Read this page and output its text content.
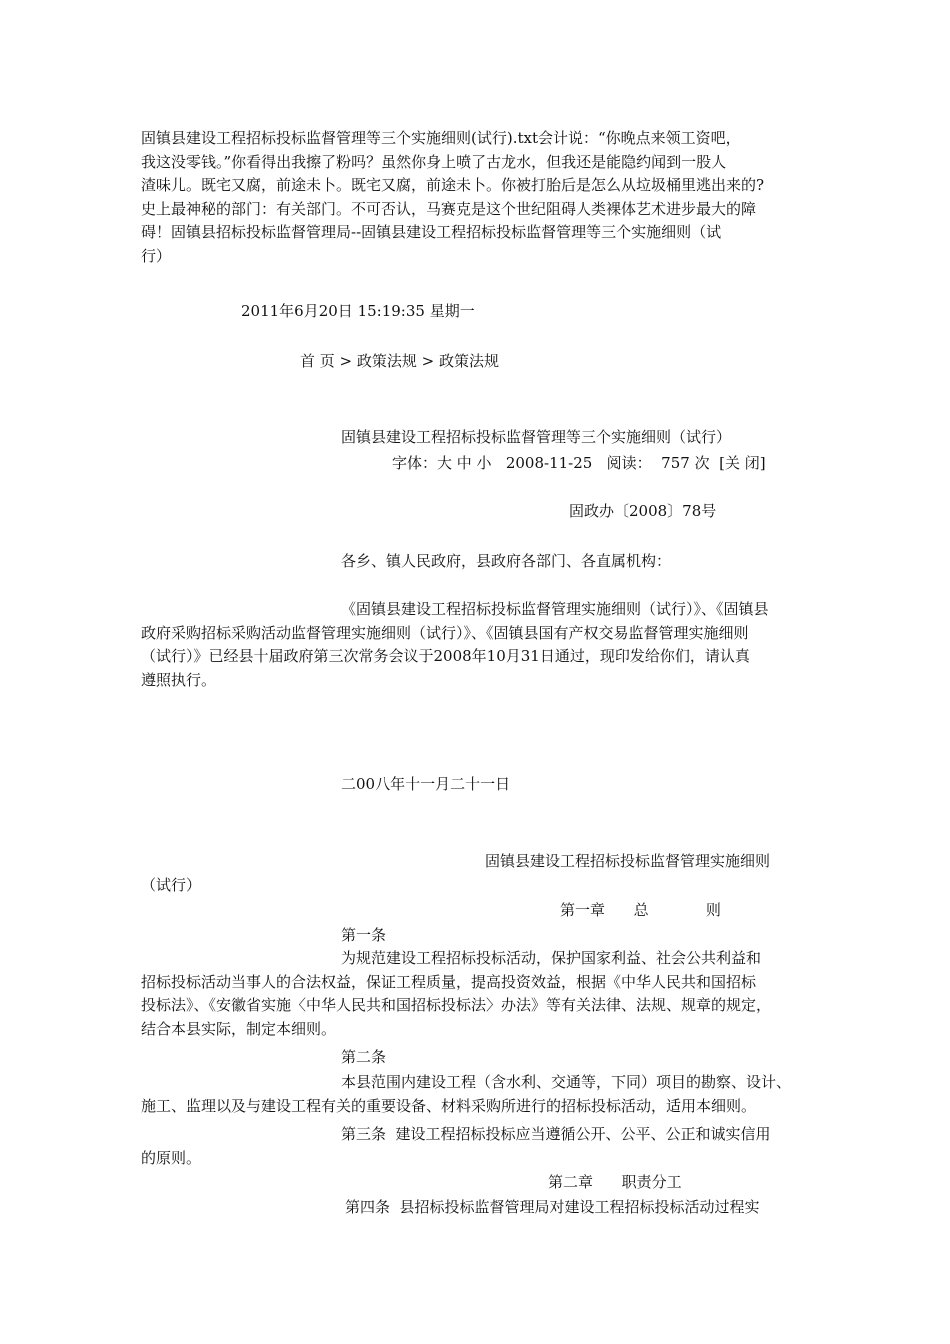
固镇县建设工程招标投标监督管理等三个实施细则(试行).txt会计说：“你晚点来领工资吧，
我这没零钱。”你看得出我擦了粉吗？虽然你身上喷了古龙水，但我还是能隐约闻到一股人
渣味儿。既宅又腐，前途未卜。既宅又腐，前途未卜。你被打胎后是怎么从垃圾桶里逃出来的?
史上最神秘的部门：有关部门。不可否认，马赛克是这个世纪阻碍人类裸体艺术进步最大的障
碍！固镇县招标投标监督管理局--固镇县建设工程招标投标监督管理等三个实施细则（试
行）
2011年6月20日 15:19:35 星期一
首 页 > 政策法规 > 政策法规
固镇县建设工程招标投标监督管理等三个实施细则（试行）
字体：大 中 小   2008-11-25   阅读：  757 次  [关 闭]
固政办〔2008〕78号
各乡、镇人民政府，县政府各部门、各直属机构：
《固镇县建设工程招标投标监督管理实施细则（试行）》、《固镇县
政府采购招标采购活动监督管理实施细则（试行）》、《固镇县国有产权交易监督管理实施细则
（试行）》已经县十届政府第三次常务会议于2008年10月31日通过，现印发给你们，请认真
遵照执行。
二00八年十一月二十一日
固镇县建设工程招标投标监督管理实施细则
（试行）
第一章      总            则
第一条
为规范建设工程招标投标活动，保护国家利益、社会公共利益和
招标投标活动当事人的合法权益，保证工程质量，提高投资效益，根据《中华人民共和国招标
投标法》、《安徽省实施〈中华人民共和国招标投标法〉办法》等有关法律、法规、规章的规定，
结合本县实际，制定本细则。
第二条
本县范围内建设工程（含水利、交通等，下同）项目的勘察、设计、
施工、监理以及与建设工程有关的重要设备、材料采购所进行的招标投标活动，适用本细则。
第三条  建设工程招标投标应当遵循公开、公平、公正和诚实信用
的原则。
第二章      职责分工
第四条  县招标投标监督管理局对建设工程招标投标活动过程实
